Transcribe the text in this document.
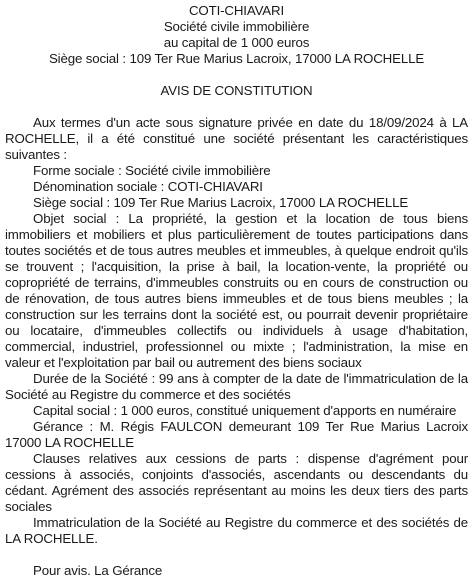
COTI-CHIAVARI

Société civile immobilière

au capital de 1 000 euros

Siège social : 109 Ter Rue Marius Lacroix, 17000 LA ROCHELLE

AVIS DE CONSTITUTION

Aux termes d'un acte sous signature privée en date du 18/09/2024 à LA ROCHELLE, il a été constitué une société présentant les caractéristiques suivantes :

Forme sociale : Société civile immobilière

Dénomination sociale : COTI-CHIAVARI

Siège social : 109 Ter Rue Marius Lacroix, 17000 LA ROCHELLE

Objet social : La propriété, la gestion et la location de tous biens immobiliers et mobiliers et plus particulièrement de toutes participations dans toutes sociétés et de tous autres meubles et immeubles, à quelque endroit qu'ils se trouvent ; l'acquisition, la prise à bail, la location-vente, la propriété ou copropriété de terrains, d'immeubles construits ou en cours de construction ou de rénovation, de tous autres biens immeubles et de tous biens meubles ; la construction sur les terrains dont la société est, ou pourrait devenir propriétaire ou locataire, d'immeubles collectifs ou individuels à usage d'habitation, commercial, industriel, professionnel ou mixte ; l'administration, la mise en valeur et l'exploitation par bail ou autrement des biens sociaux

Durée de la Société : 99 ans à compter de la date de l'immatriculation de la Société au Registre du commerce et des sociétés

Capital social : 1 000 euros, constitué uniquement d'apports en numéraire

Gérance : M. Régis FAULCON demeurant 109 Ter Rue Marius Lacroix 17000 LA ROCHELLE

Clauses relatives aux cessions de parts : dispense d'agrément pour cessions à associés, conjoints d'associés, ascendants ou descendants du cédant. Agrément des associés représentant au moins les deux tiers des parts sociales

Immatriculation de la Société au Registre du commerce et des sociétés de LA ROCHELLE.

Pour avis. La Gérance
